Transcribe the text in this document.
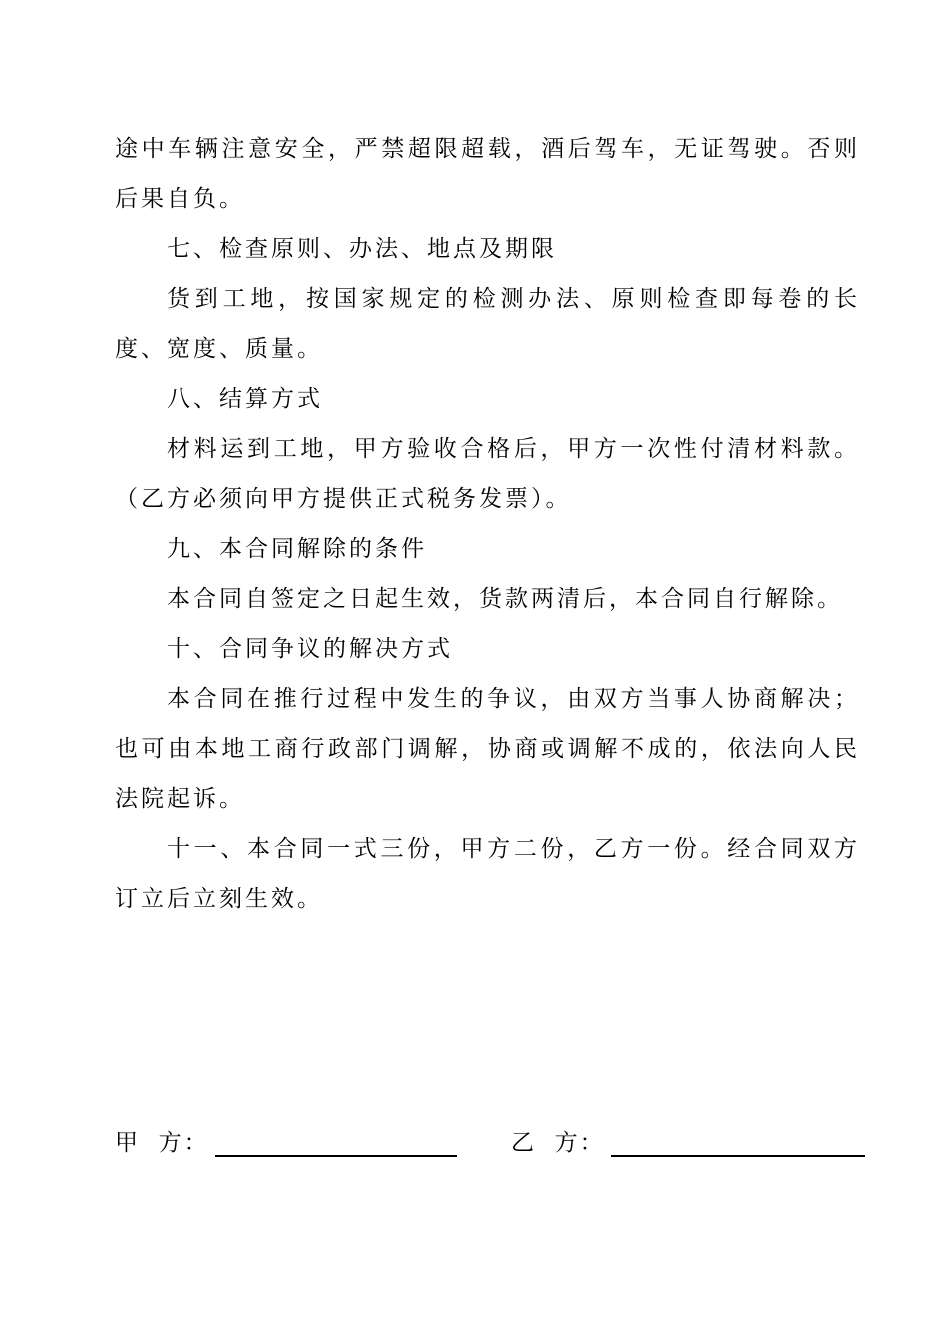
途中车辆注意安全，严禁超限超载，酒后驾车，无证驾驶。否则后果自负。

七、检查原则、办法、地点及期限

货到工地，按国家规定的检测办法、原则检查即每卷的长度、宽度、质量。

八、结算方式

材料运到工地，甲方验收合格后，甲方一次性付清材料款。（乙方必须向甲方提供正式税务发票）。

九、本合同解除的条件

本合同自签定之日起生效，货款两清后，本合同自行解除。

十、合同争议的解决方式

本合同在推行过程中发生的争议，由双方当事人协商解决；也可由本地工商行政部门调解，协商或调解不成的，依法向人民法院起诉。

十一、本合同一式三份，甲方二份，乙方一份。经合同双方订立后立刻生效。

甲  方：	乙  方：
